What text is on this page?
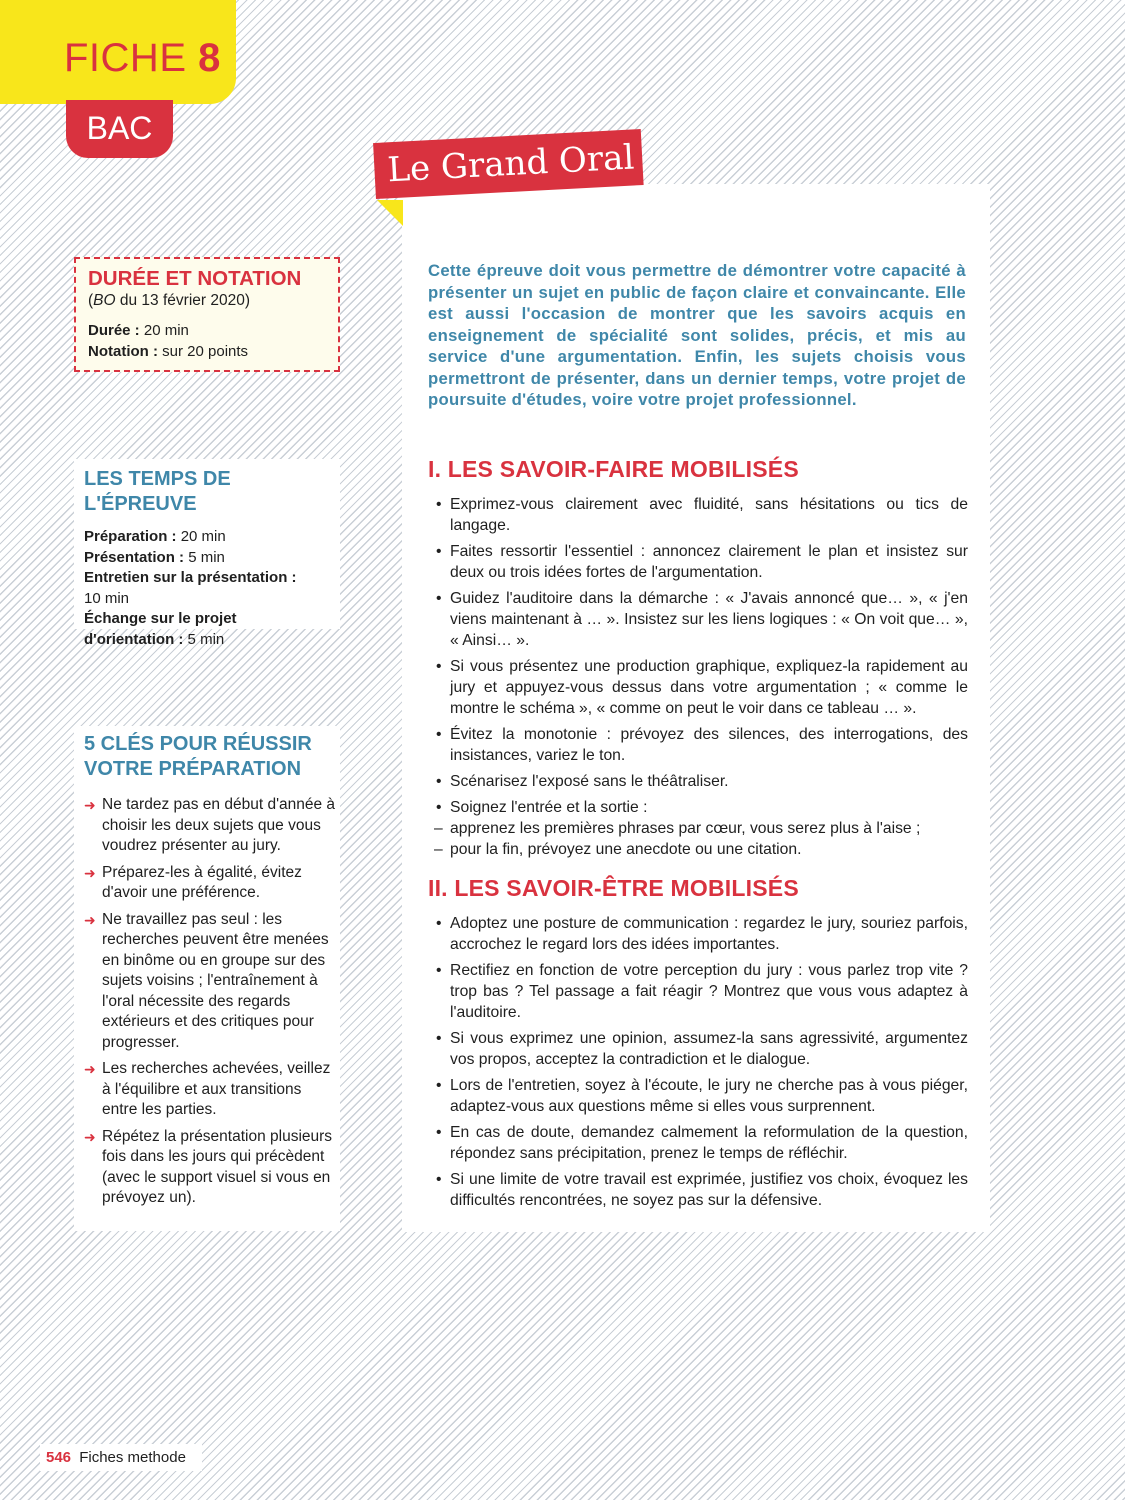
FICHE 8
BAC
Le Grand Oral

Cette épreuve doit vous permettre de démontrer votre capacité à présenter un sujet en public de façon claire et convaincante. Elle est aussi l'occasion de montrer que les savoirs acquis en enseignement de spécialité sont solides, précis, et mis au service d'une argumentation. Enfin, les sujets choisis vous permettront de présenter, dans un dernier temps, votre projet de poursuite d'études, voire votre projet professionnel.

I. LES SAVOIR-FAIRE MOBILISÉS
• Exprimez-vous clairement avec fluidité, sans hésitations ou tics de langage.
• Faites ressortir l'essentiel : annoncez clairement le plan et insistez sur deux ou trois idées fortes de l'argumentation.
• Guidez l'auditoire dans la démarche : « J'avais annoncé que… », « j'en viens maintenant à … ». Insistez sur les liens logiques : « On voit que… », « Ainsi… ».
• Si vous présentez une production graphique, expliquez-la rapidement au jury et appuyez-vous dessus dans votre argumentation ; « comme le montre le schéma », « comme on peut le voir dans ce tableau … ».
• Évitez la monotonie : prévoyez des silences, des interrogations, des insistances, variez le ton.
• Scénarisez l'exposé sans le théâtraliser.
• Soignez l'entrée et la sortie :
– apprenez les premières phrases par cœur, vous serez plus à l'aise ;
– pour la fin, prévoyez une anecdote ou une citation.
II. LES SAVOIR-ÊTRE MOBILISÉS
• Adoptez une posture de communication : regardez le jury, souriez parfois, accrochez le regard lors des idées importantes.
• Rectifiez en fonction de votre perception du jury : vous parlez trop vite ? trop bas ? Tel passage a fait réagir ? Montrez que vous vous adaptez à l'auditoire.
• Si vous exprimez une opinion, assumez-la sans agressivité, argumentez vos propos, acceptez la contradiction et le dialogue.
• Lors de l'entretien, soyez à l'écoute, le jury ne cherche pas à vous piéger, adaptez-vous aux questions même si elles vous surprennent.
• En cas de doute, demandez calmement la reformulation de la question, répondez sans précipitation, prenez le temps de réfléchir.
• Si une limite de votre travail est exprimée, justifiez vos choix, évoquez les difficultés rencontrées, ne soyez pas sur la défensive.
DURÉE ET NOTATION
(BO du 13 février 2020)
Durée : 20 min
Notation : sur 20 points
LES TEMPS DE L'ÉPREUVE
Préparation : 20 min
Présentation : 5 min
Entretien sur la présentation :
10 min
Échange sur le projet
d'orientation : 5 min
5 CLÉS POUR RÉUSSIR
VOTRE PRÉPARATION
➜ Ne tardez pas en début d'année à choisir les deux sujets que vous voudrez présenter au jury.
➜ Préparez-les à égalité, évitez d'avoir une préférence.
➜ Ne travaillez pas seul : les recherches peuvent être menées en binôme ou en groupe sur des sujets voisins ; l'entraînement à l'oral nécessite des regards extérieurs et des critiques pour progresser.
➜ Les recherches achevées, veillez à l'équilibre et aux transitions entre les parties.
➜ Répétez la présentation plusieurs fois dans les jours qui précèdent (avec le support visuel si vous en prévoyez un).
546 Fiches methode
